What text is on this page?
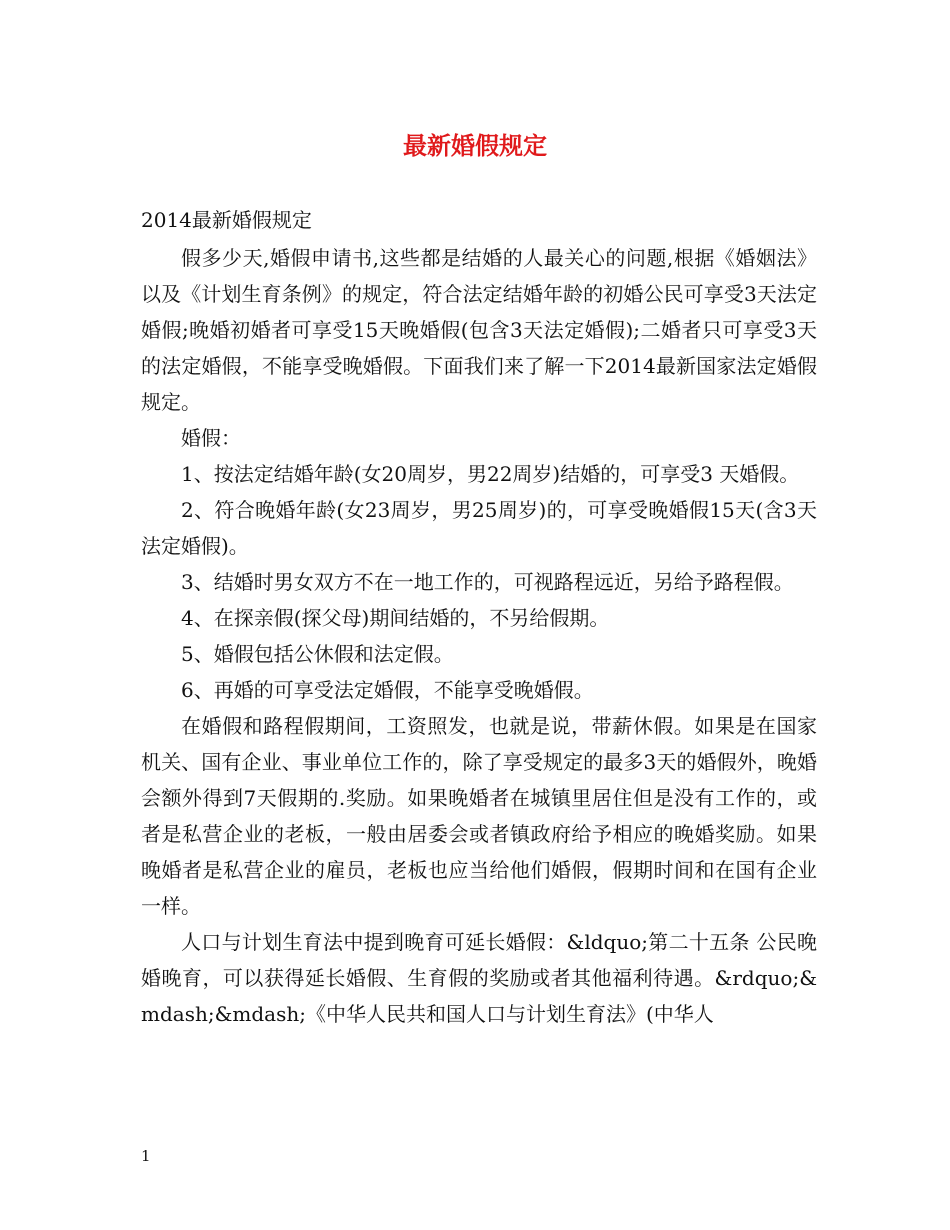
最新婚假规定
2014最新婚假规定

假多少天,婚假申请书,这些都是结婚的人最关心的问题,根据《婚姻法》以及《计划生育条例》的规定，符合法定结婚年龄的初婚公民可享受3天法定婚假;晚婚初婚者可享受15天晚婚假(包含3天法定婚假);二婚者只可享受3天的法定婚假，不能享受晚婚假。下面我们来了解一下2014最新国家法定婚假规定。

婚假：

1、按法定结婚年龄(女20周岁，男22周岁)结婚的，可享受3 天婚假。

2、符合晚婚年龄(女23周岁，男25周岁)的，可享受晚婚假15天(含3天法定婚假)。

3、结婚时男女双方不在一地工作的，可视路程远近，另给予路程假。

4、在探亲假(探父母)期间结婚的，不另给假期。

5、婚假包括公休假和法定假。

6、再婚的可享受法定婚假，不能享受晚婚假。

在婚假和路程假期间，工资照发，也就是说，带薪休假。如果是在国家机关、国有企业、事业单位工作的，除了享受规定的最多3天的婚假外，晚婚会额外得到7天假期的.奖励。如果晚婚者在城镇里居住但是没有工作的，或者是私营企业的老板，一般由居委会或者镇政府给予相应的晚婚奖励。如果晚婚者是私营企业的雇员，老板也应当给他们婚假，假期时间和在国有企业一样。

人口与计划生育法中提到晚育可延长婚假：&ldquo;第二十五条 公民晚婚晚育，可以获得延长婚假、生育假的奖励或者其他福利待遇。&rdquo;&mdash;&mdash;《中华人民共和国人口与计划生育法》(中华人

1
